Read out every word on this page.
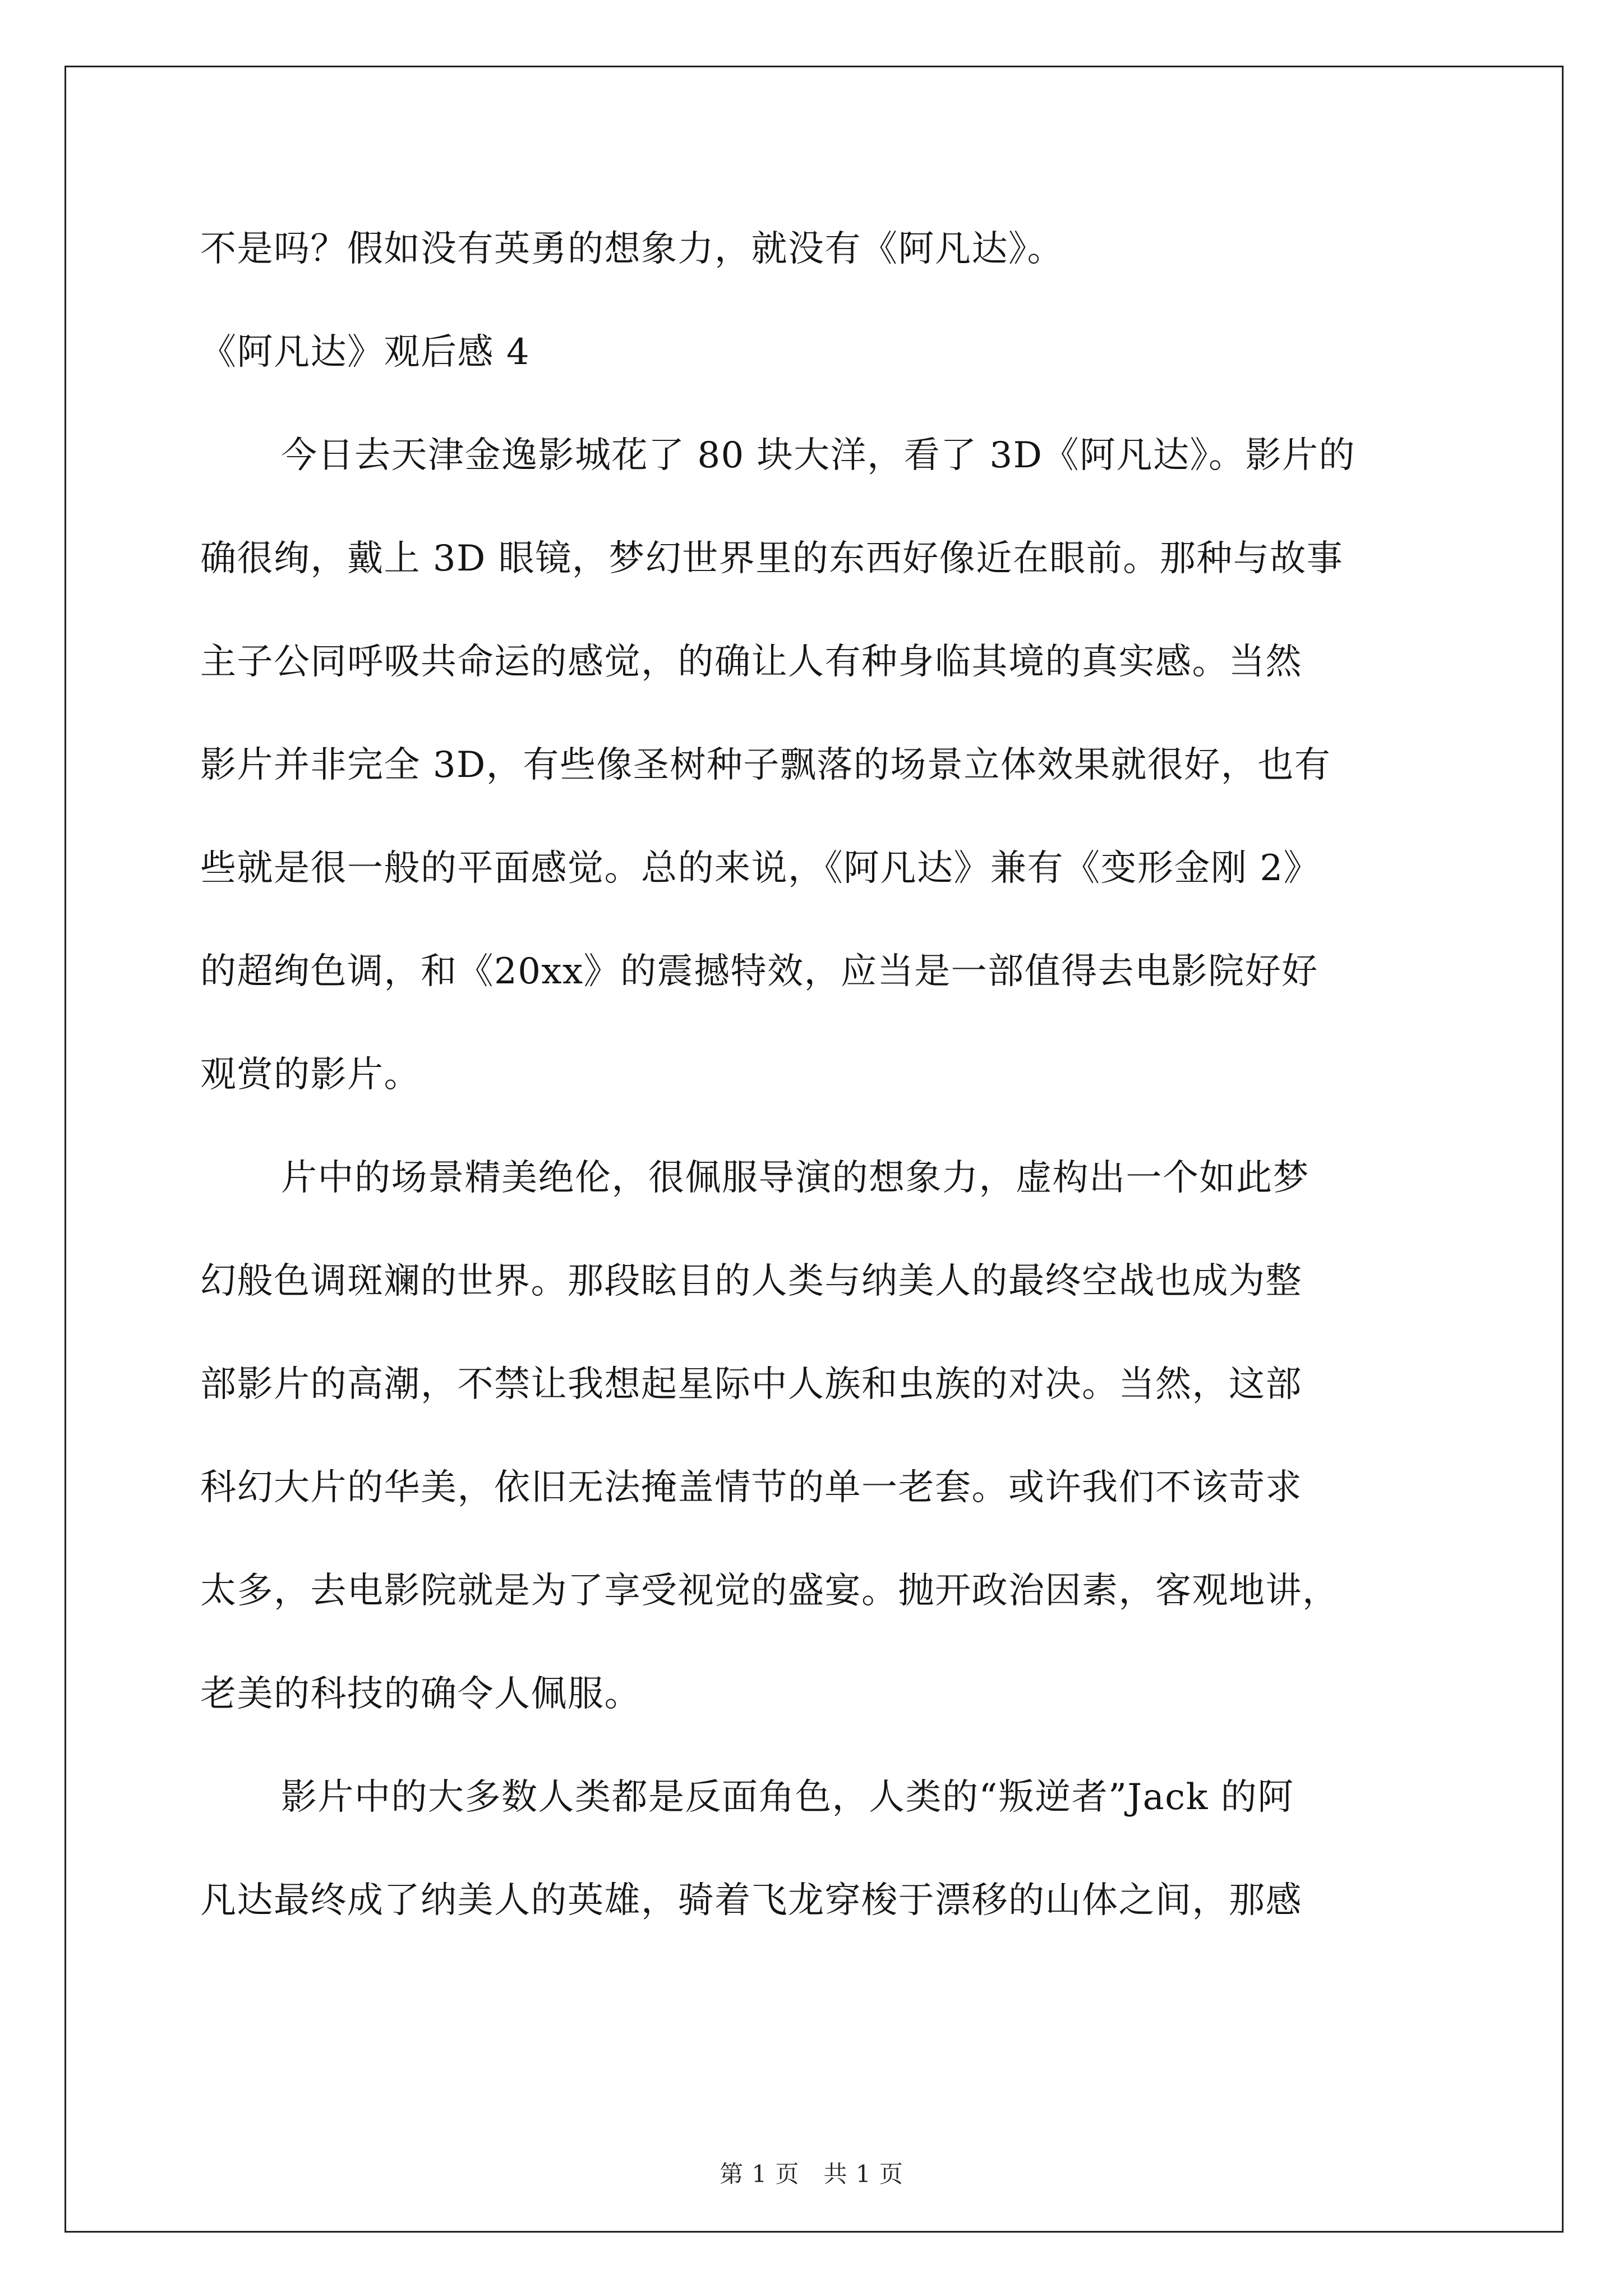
不是吗？假如没有英勇的想象力，就没有《阿凡达》。
《阿凡达》观后感 4
今日去天津金逸影城花了 80 块大洋，看了 3D《阿凡达》。影片的
确很绚，戴上 3D 眼镜，梦幻世界里的东西好像近在眼前。那种与故事
主子公同呼吸共命运的感觉，的确让人有种身临其境的真实感。当然
影片并非完全 3D，有些像圣树种子飘落的场景立体效果就很好，也有
些就是很一般的平面感觉。总的来说，《阿凡达》兼有《变形金刚 2》
的超绚色调，和《20xx》的震撼特效，应当是一部值得去电影院好好
观赏的影片。
片中的场景精美绝伦，很佩服导演的想象力，虚构出一个如此梦
幻般色调斑斓的世界。那段眩目的人类与纳美人的最终空战也成为整
部影片的高潮，不禁让我想起星际中人族和虫族的对决。当然，这部
科幻大片的华美，依旧无法掩盖情节的单一老套。或许我们不该苛求
太多，去电影院就是为了享受视觉的盛宴。抛开政治因素，客观地讲，
老美的科技的确令人佩服。
影片中的大多数人类都是反面角色，人类的“叛逆者”Jack 的阿
凡达最终成了纳美人的英雄，骑着飞龙穿梭于漂移的山体之间，那感
第 1 页　共 1 页
